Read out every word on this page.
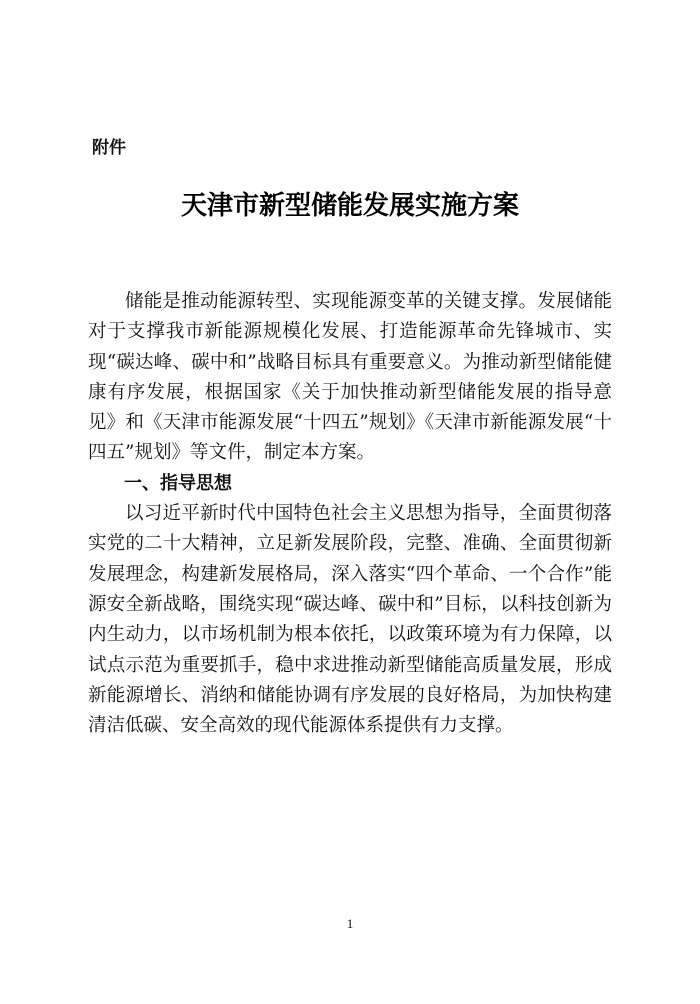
附件
天津市新型储能发展实施方案

储能是推动能源转型、实现能源变革的关键支撑。发展储能对于支撑我市新能源规模化发展、打造能源革命先锋城市、实现“碳达峰、碳中和”战略目标具有重要意义。为推动新型储能健康有序发展，根据国家《关于加快推动新型储能发展的指导意见》和《天津市能源发展“十四五”规划》《天津市新能源发展“十四五”规划》等文件，制定本方案。

一、指导思想

以习近平新时代中国特色社会主义思想为指导，全面贯彻落实党的二十大精神，立足新发展阶段，完整、准确、全面贯彻新发展理念，构建新发展格局，深入落实“四个革命、一个合作”能源安全新战略，围绕实现“碳达峰、碳中和”目标，以科技创新为内生动力，以市场机制为根本依托，以政策环境为有力保障，以试点示范为重要抓手，稳中求进推动新型储能高质量发展，形成新能源增长、消纳和储能协调有序发展的良好格局，为加快构建清洁低碳、安全高效的现代能源体系提供有力支撑。

1
